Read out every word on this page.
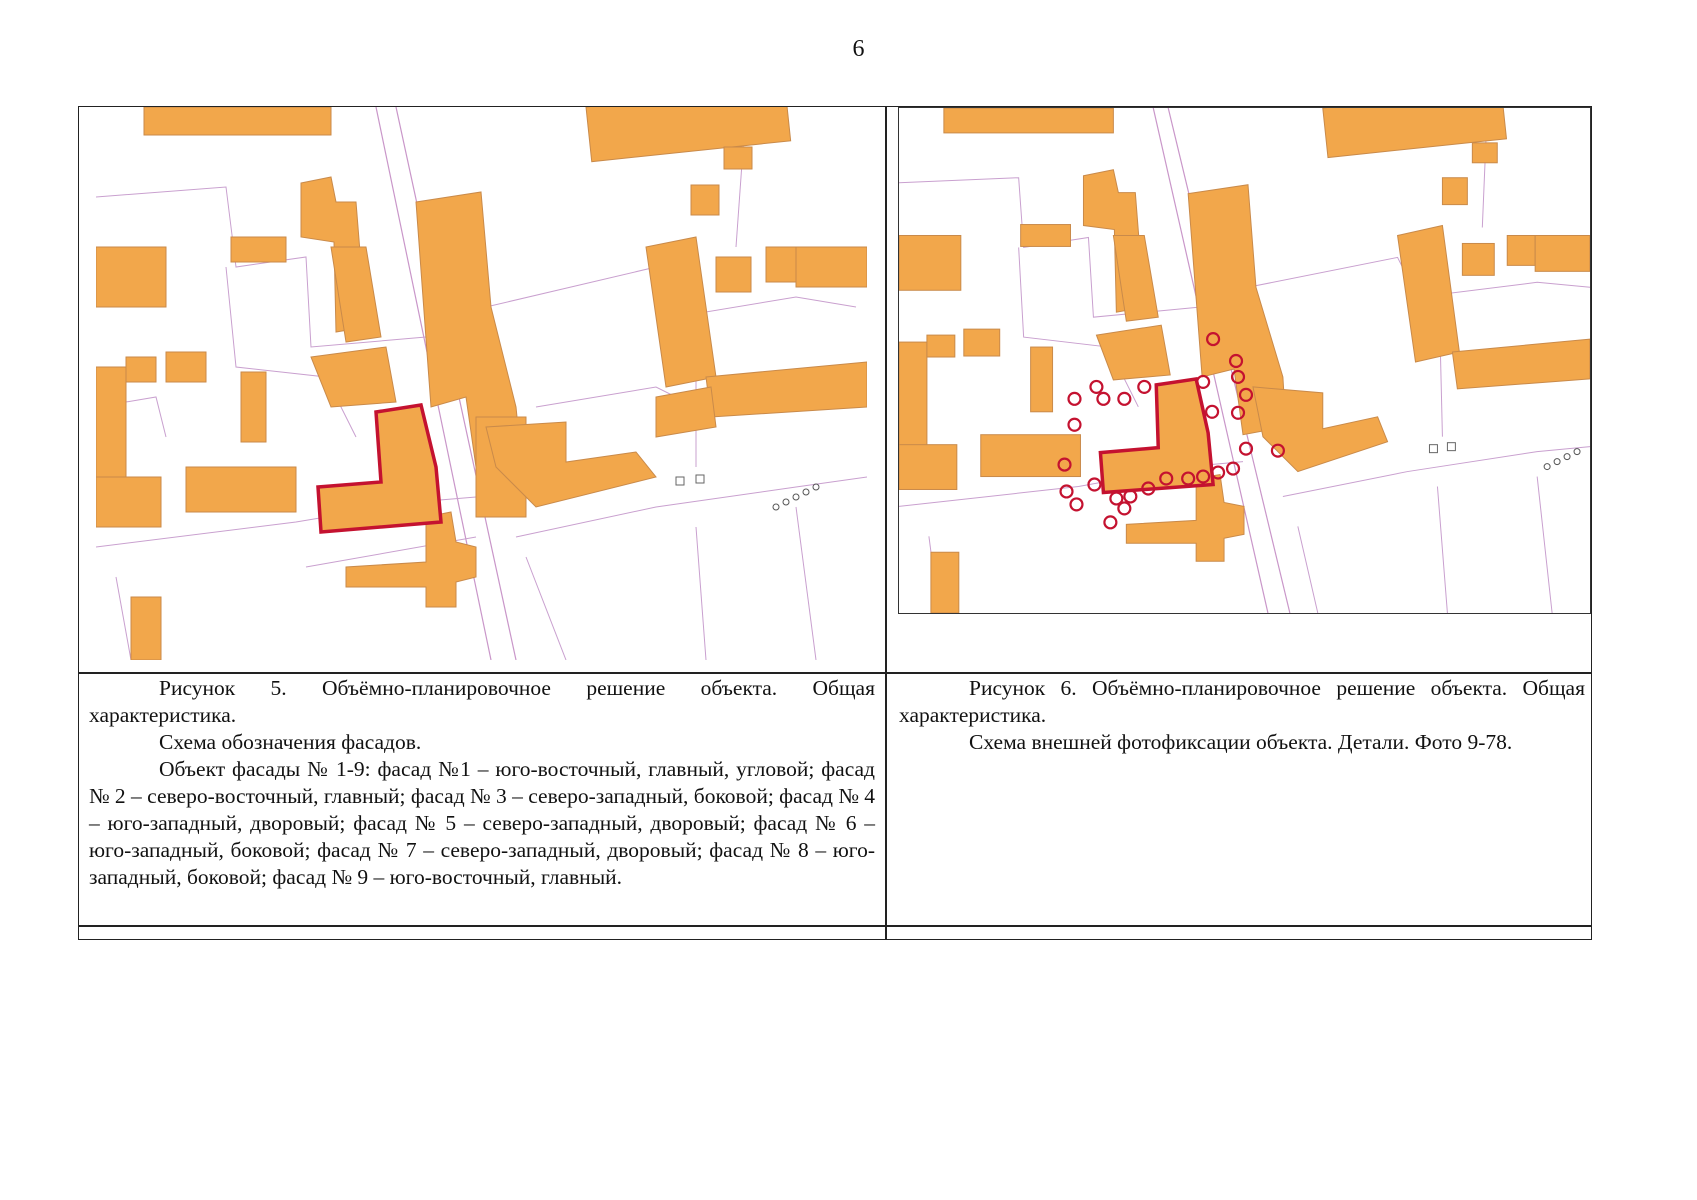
6

Рисунок 5. Объёмно-планировочное решение объекта. Общая характеристика.

Схема обозначения фасадов.

Объект фасады № 1-9: фасад №1 – юго-восточный, главный, угловой; фасад № 2 – северо-восточный, главный; фасад № 3 – северо-западный, боковой; фасад № 4 – юго-западный, дворовый; фасад № 5 – северо-западный, дворовый; фасад № 6 – юго-западный, боковой; фасад № 7 – северо-западный, дворовый; фасад № 8 – юго-западный, боковой; фасад № 9 – юго-восточный, главный.

Рисунок 6. Объёмно-планировочное решение объекта. Общая характеристика.

Схема внешней фотофиксации объекта. Детали. Фото 9-78.
